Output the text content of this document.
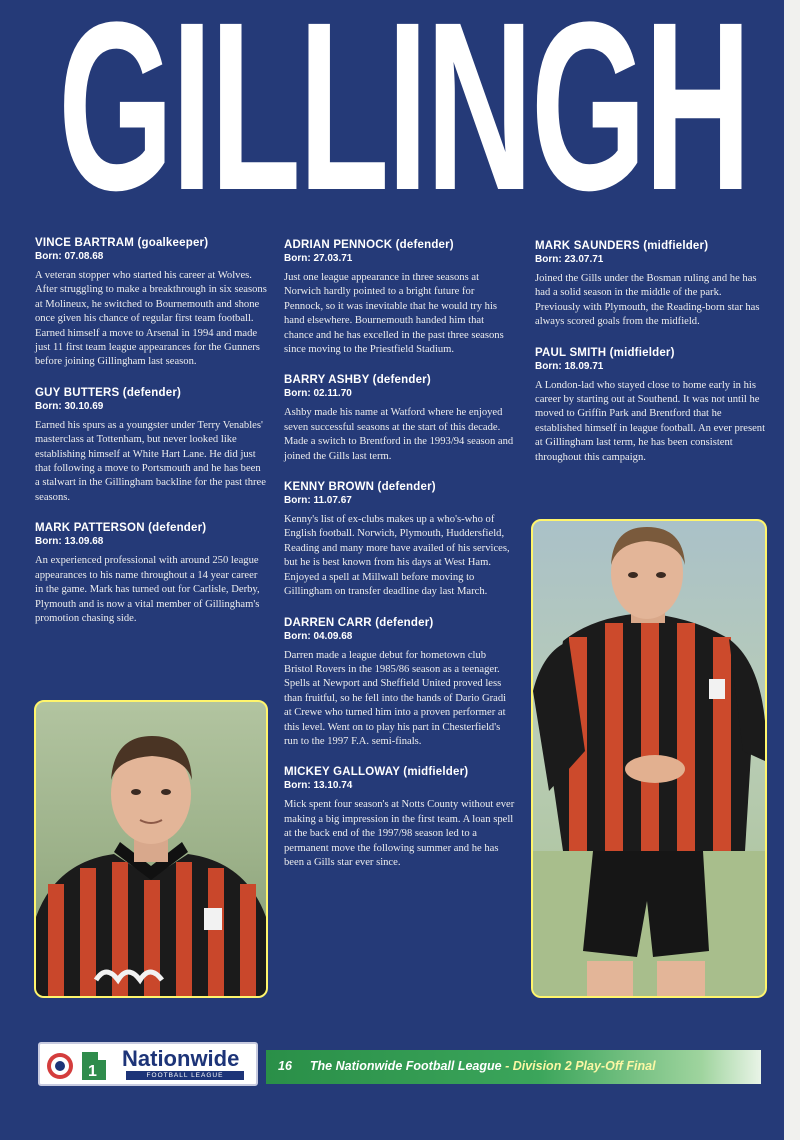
GILLINGH
VINCE BARTRAM (goalkeeper)
Born: 07.08.68
A veteran stopper who started his career at Wolves. After struggling to make a breakthrough in six seasons at Molineux, he switched to Bournemouth and shone once given his chance of regular first team football. Earned himself a move to Arsenal in 1994 and made just 11 first team league appearances for the Gunners before joining Gillingham last season.
GUY BUTTERS (defender)
Born: 30.10.69
Earned his spurs as a youngster under Terry Venables' masterclass at Tottenham, but never looked like establishing himself at White Hart Lane. He did just that following a move to Portsmouth and he has been a stalwart in the Gillingham backline for the past three seasons.
MARK PATTERSON (defender)
Born: 13.09.68
An experienced professional with around 250 league appearances to his name throughout a 14 year career in the game. Mark has turned out for Carlisle, Derby, Plymouth and is now a vital member of Gillingham's promotion chasing side.
ADRIAN PENNOCK (defender)
Born: 27.03.71
Just one league appearance in three seasons at Norwich hardly pointed to a bright future for Pennock, so it was inevitable that he would try his hand elsewhere. Bournemouth handed him that chance and he has excelled in the past three seasons since moving to the Priestfield Stadium.
BARRY ASHBY (defender)
Born: 02.11.70
Ashby made his name at Watford where he enjoyed seven successful seasons at the start of this decade. Made a switch to Brentford in the 1993/94 season and joined the Gills last term.
KENNY BROWN (defender)
Born: 11.07.67
Kenny's list of ex-clubs makes up a who's-who of English football. Norwich, Plymouth, Huddersfield, Reading and many more have availed of his services, but he is best known from his days at West Ham. Enjoyed a spell at Millwall before moving to Gillingham on transfer deadline day last March.
DARREN CARR (defender)
Born: 04.09.68
Darren made a league debut for hometown club Bristol Rovers in the 1985/86 season as a teenager. Spells at Newport and Sheffield United proved less than fruitful, so he fell into the hands of Dario Gradi at Crewe who turned him into a proven performer at this level. Went on to play his part in Chesterfield's run to the 1997 F.A. semi-finals.
MICKEY GALLOWAY (midfielder)
Born: 13.10.74
Mick spent four season's at Notts County without ever making a big impression in the first team. A loan spell at the back end of the 1997/98 season led to a permanent move the following summer and he has been a Gills star ever since.
MARK SAUNDERS (midfielder)
Born: 23.07.71
Joined the Gills under the Bosman ruling and he has had a solid season in the middle of the park. Previously with Plymouth, the Reading-born star has always scored goals from the midfield.
PAUL SMITH (midfielder)
Born: 18.09.71
A London-lad who stayed close to home early in his career by starting out at Southend. It was not until he moved to Griffin Park and Brentford that he established himself in league football. An ever present at Gillingham last term, he has been consistent throughout this campaign.
1
Nationwide
FOOTBALL LEAGUE
16 The Nationwide Football League - Division 2 Play-Off Final
